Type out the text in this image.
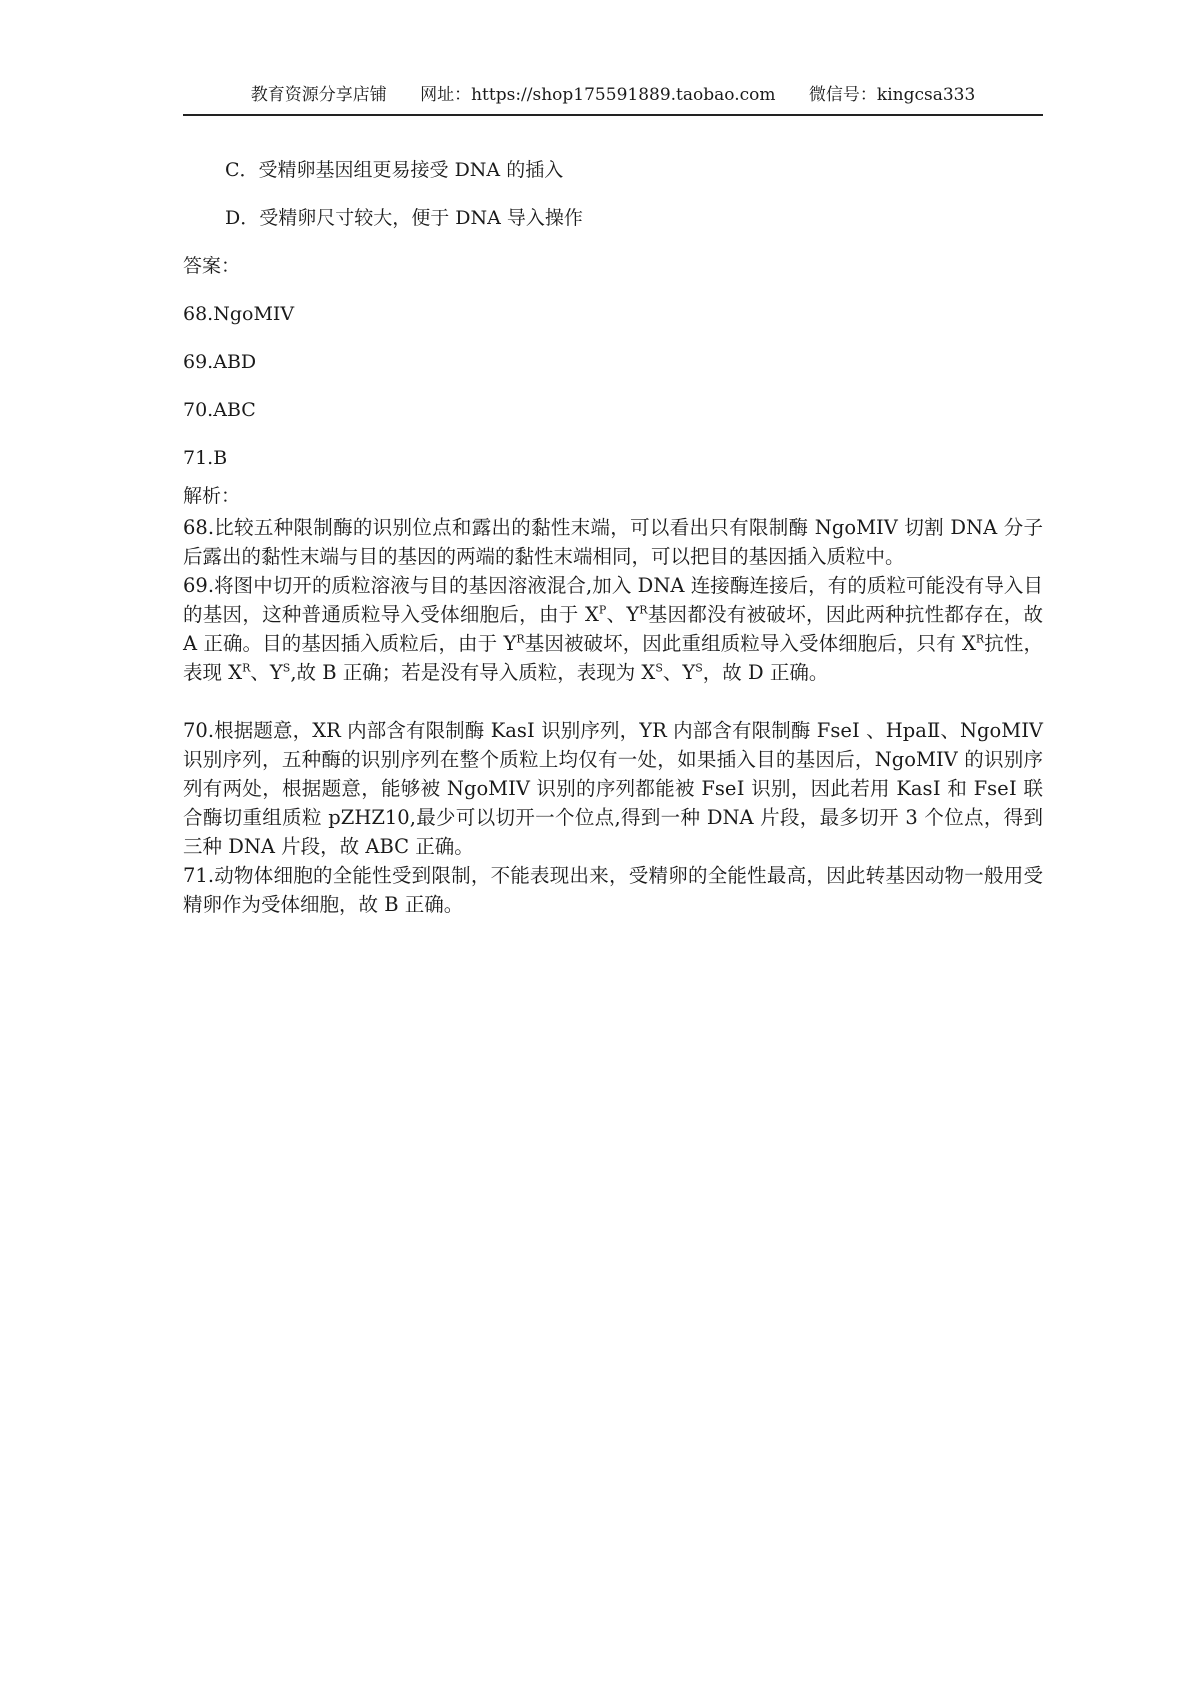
教育资源分享店铺 网址：https://shop175591889.taobao.com 微信号：kingcsa333
C．受精卵基因组更易接受 DNA 的插入
D．受精卵尺寸较大，便于 DNA 导入操作
答案：
68.NgoMIV
69.ABD
70.ABC
71.B
解析：
68.比较五种限制酶的识别位点和露出的黏性末端，可以看出只有限制酶 NgoMIV 切割 DNA 分子后露出的黏性末端与目的基因的两端的黏性末端相同，可以把目的基因插入质粒中。
69.将图中切开的质粒溶液与目的基因溶液混合,加入 DNA 连接酶连接后，有的质粒可能没有导入目的基因，这种普通质粒导入受体细胞后，由于 $X^P$、$Y^R$基因都没有被破坏，因此两种抗性都存在，故 A 正确。目的基因插入质粒后，由于 $Y^R$基因被破坏，因此重组质粒导入受体细胞后，只有 $X^R$抗性，表现 $X^R$、$Y^S$,故 B 正确；若是没有导入质粒，表现为 $X^S$、$Y^S$，故 D 正确。
70.根据题意，XR 内部含有限制酶 KasⅠ 识别序列，YR 内部含有限制酶 FseⅠ 、HpaⅡ、NgoMIV 识别序列，五种酶的识别序列在整个质粒上均仅有一处，如果插入目的基因后，NgoMIV 的识别序列有两处，根据题意，能够被 NgoMIV 识别的序列都能被 FseⅠ 识别，因此若用 KasⅠ 和 FseⅠ 联合酶切重组质粒 pZHZ10,最少可以切开一个位点,得到一种 DNA 片段，最多切开 3 个位点，得到三种 DNA 片段，故 ABC 正确。
71.动物体细胞的全能性受到限制，不能表现出来，受精卵的全能性最高，因此转基因动物一般用受精卵作为受体细胞，故 B 正确。
